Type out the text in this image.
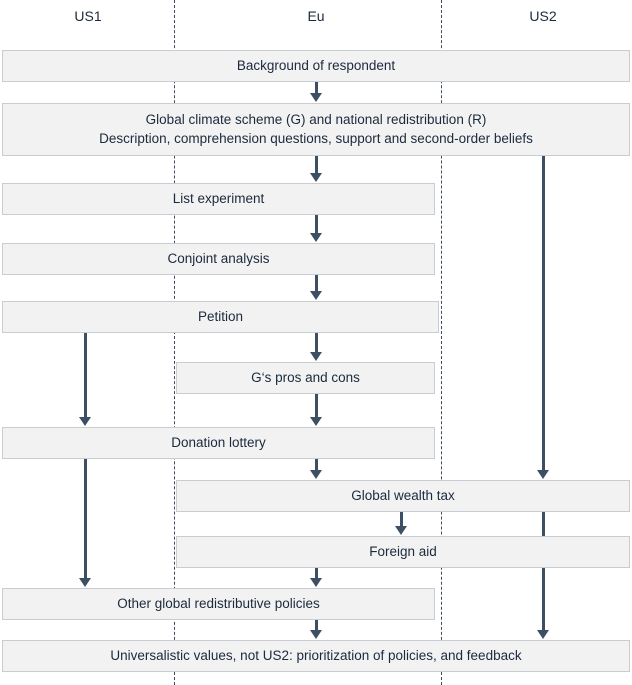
US1	Eu	US2
Background of respondent
Global climate scheme (G) and national redistribution (R)
Description, comprehension questions, support and second-order beliefs
List experiment
Conjoint analysis
Petition
G‘s pros and cons
Donation lottery
Global wealth tax
Foreign aid
Other global redistributive policies
Universalistic values, not US2: prioritization of policies, and feedback
